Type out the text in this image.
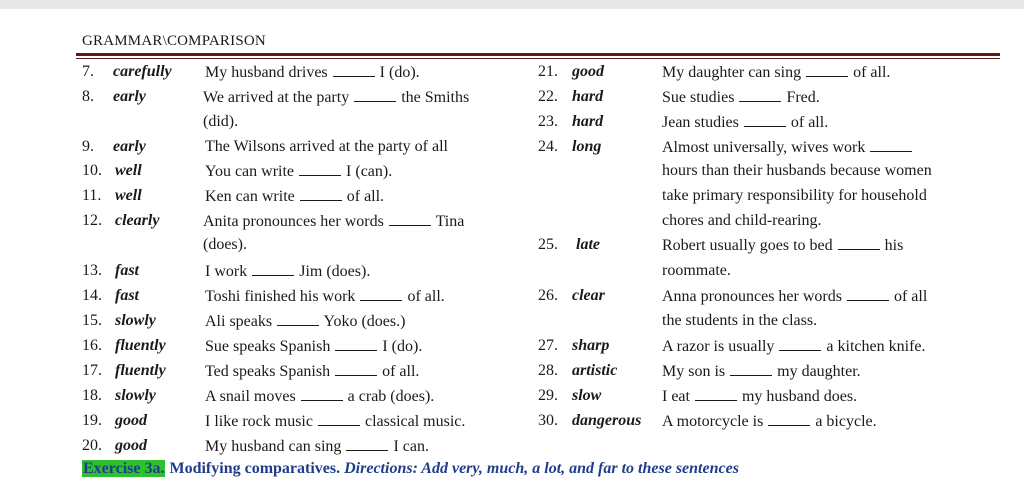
GRAMMAR\COMPARISON
7. carefully My husband drives	I (do).
8. early	We arrived at the party	the Smiths
(did).
9. early	The Wilsons arrived at the party of all
10. well	You can write	I (can).
11. well	Ken can write	of all.
12. clearly	Anita pronounces her words	Tina
(does).
13. fast	I work	Jim (does).
14. fast	Toshi finished his work	of all.
15. slowly	Ali speaks	Yoko (does.)
16. fluently Sue speaks Spanish	I (do).
17. fluently Ted speaks Spanish	of all.
18. slowly	A snail moves	a crab (does).
19. good	I like rock music	classical music.
20. good	My husband can sing	I can.
21. good	My daughter can sing	of all.
22. hard	Sue studies	Fred.
23. hard	Jean studies	of all.
24. long	Almost universally, wives work
hours than their husbands because women
take primary responsibility for household
chores and child-rearing.
25. late	Robert usually goes to bed	his
roommate.
26. clear	Anna pronounces her words	of all
the students in the class.
27. sharp	A razor is usually	a kitchen knife.
28. artistic	My son is	my daughter.
29. slow	I eat	my husband does.
30. dangerous A motorcycle is	a bicycle.
Exercise 3a. Modifying comparatives. Directions: Add very, much, a lot, and far to these sentences
